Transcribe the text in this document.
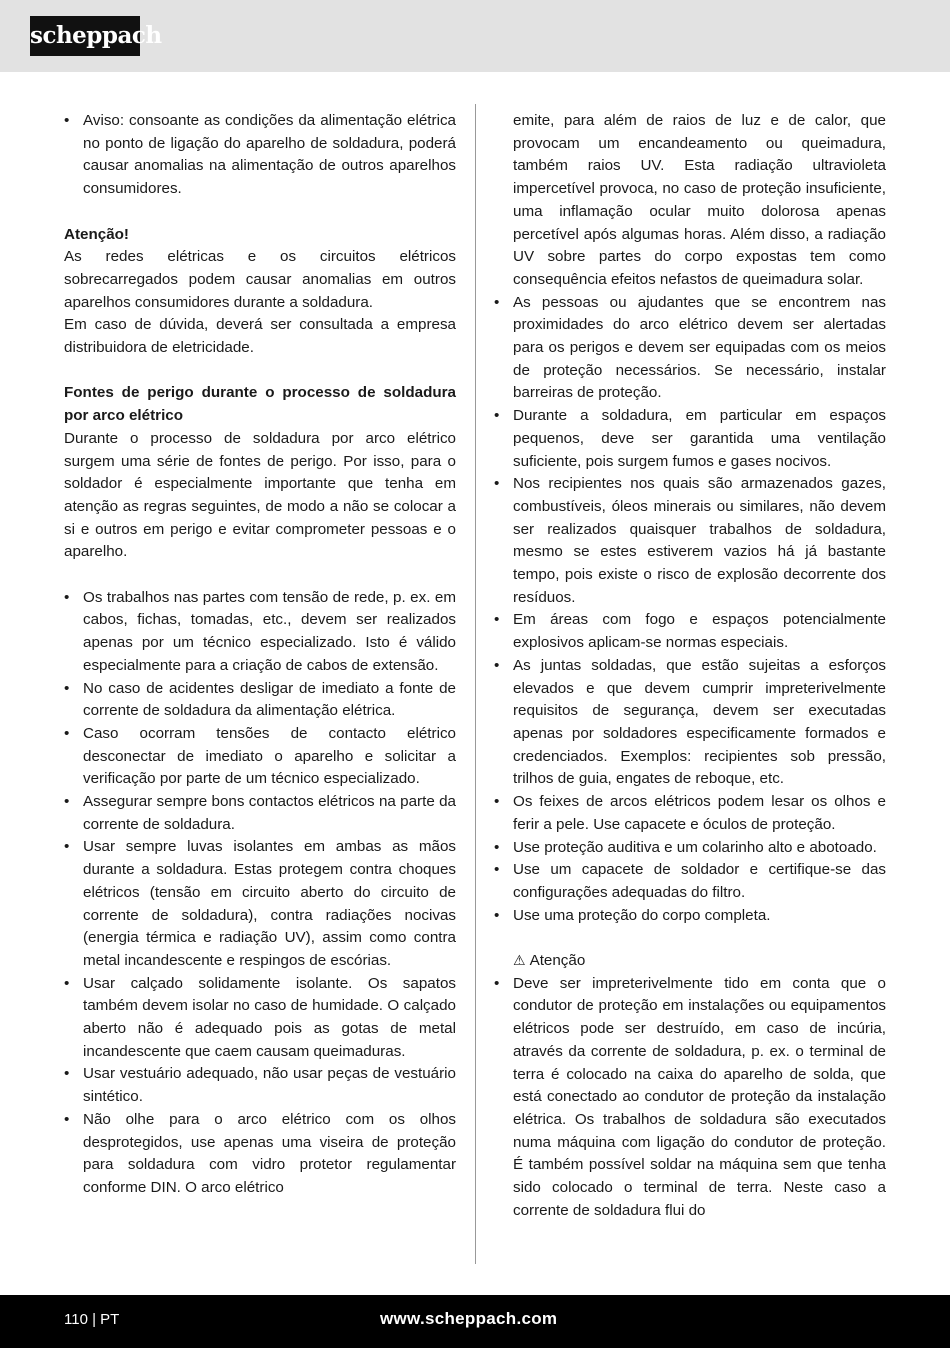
scheppach
• Aviso: consoante as condições da alimentação elétrica no ponto de ligação do aparelho de soldadura, poderá causar anomalias na alimentação de outros aparelhos consumidores.
Atenção!
As redes elétricas e os circuitos elétricos sobrecarregados podem causar anomalias em outros aparelhos consumidores durante a soldadura.
Em caso de dúvida, deverá ser consultada a empresa distribuidora de eletricidade.
Fontes de perigo durante o processo de soldadura por arco elétrico
Durante o processo de soldadura por arco elétrico surgem uma série de fontes de perigo. Por isso, para o soldador é especialmente importante que tenha em atenção as regras seguintes, de modo a não se colocar a si e outros em perigo e evitar comprometer pessoas e o aparelho.
• Os trabalhos nas partes com tensão de rede, p. ex. em cabos, fichas, tomadas, etc., devem ser realizados apenas por um técnico especializado. Isto é válido especialmente para a criação de cabos de extensão.
• No caso de acidentes desligar de imediato a fonte de corrente de soldadura da alimentação elétrica.
• Caso ocorram tensões de contacto elétrico desconectar de imediato o aparelho e solicitar a verificação por parte de um técnico especializado.
• Assegurar sempre bons contactos elétricos na parte da corrente de soldadura.
• Usar sempre luvas isolantes em ambas as mãos durante a soldadura. Estas protegem contra choques elétricos (tensão em circuito aberto do circuito de corrente de soldadura), contra radiações nocivas (energia térmica e radiação UV), assim como contra metal incandescente e respingos de escórias.
• Usar calçado solidamente isolante. Os sapatos também devem isolar no caso de humidade. O calçado aberto não é adequado pois as gotas de metal incandescente que caem causam queimaduras.
• Usar vestuário adequado, não usar peças de vestuário sintético.
• Não olhe para o arco elétrico com os olhos desprotegidos, use apenas uma viseira de proteção para soldadura com vidro protetor regulamentar conforme DIN. O arco elétrico
emite, para além de raios de luz e de calor, que provocam um encandeamento ou queimadura, também raios UV. Esta radiação ultravioleta impercetível provoca, no caso de proteção insuficiente, uma inflamação ocular muito dolorosa apenas percetível após algumas horas. Além disso, a radiação UV sobre partes do corpo expostas tem como consequência efeitos nefastos de queimadura solar.
• As pessoas ou ajudantes que se encontrem nas proximidades do arco elétrico devem ser alertadas para os perigos e devem ser equipadas com os meios de proteção necessários. Se necessário, instalar barreiras de proteção.
• Durante a soldadura, em particular em espaços pequenos, deve ser garantida uma ventilação suficiente, pois surgem fumos e gases nocivos.
• Nos recipientes nos quais são armazenados gazes, combustíveis, óleos minerais ou similares, não devem ser realizados quaisquer trabalhos de soldadura, mesmo se estes estiverem vazios há já bastante tempo, pois existe o risco de explosão decorrente dos resíduos.
• Em áreas com fogo e espaços potencialmente explosivos aplicam-se normas especiais.
• As juntas soldadas, que estão sujeitas a esforços elevados e que devem cumprir impreterivelmente requisitos de segurança, devem ser executadas apenas por soldadores especificamente formados e credenciados. Exemplos: recipientes sob pressão, trilhos de guia, engates de reboque, etc.
• Os feixes de arcos elétricos podem lesar os olhos e ferir a pele. Use capacete e óculos de proteção.
• Use proteção auditiva e um colarinho alto e abotoado.
• Use um capacete de soldador e certifique-se das configurações adequadas do filtro.
• Use uma proteção do corpo completa.
⚠ Atenção
• Deve ser impreterivelmente tido em conta que o condutor de proteção em instalações ou equipamentos elétricos pode ser destruído, em caso de incúria, através da corrente de soldadura, p. ex. o terminal de terra é colocado na caixa do aparelho de solda, que está conectado ao condutor de proteção da instalação elétrica. Os trabalhos de soldadura são executados numa máquina com ligação do condutor de proteção. É também possível soldar na máquina sem que tenha sido colocado o terminal de terra. Neste caso a corrente de soldadura flui do
110 | PT	www.scheppach.com
